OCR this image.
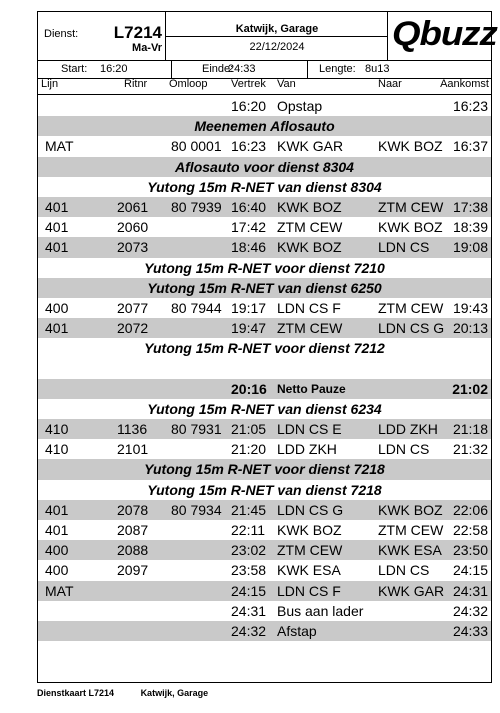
Dienst: L7214
Ma-Vr
Katwijk, Garage
22/12/2024	Qbuzz
Start: 16:20	Einde:
24:33	Lengte: 8u13
Lijn	Ritnr Omloop Vertrek Van	Naar	Aankomst
16:20 Opstap	16:23
Meenemen Aflosauto
MAT	80 0001 16:23 KWK GAR KWK BOZ 16:37
Aflosauto voor dienst 8304
Yutong 15m R-NET van dienst 8304
401	2061 80 7939 16:40 KWK BOZ	ZTM CEW 17:38
401	2060	17:42 ZTM CEW	KWK BOZ 18:39
401	2073	18:46 KWK BOZ	LDN CS 19:08
Yutong 15m R-NET voor dienst 7210
Yutong 15m R-NET van dienst 6250
400	2077 80 7944 19:17 LDN CS F	ZTM CEW 19:43
401	2072	19:47 ZTM CEW	LDN CS G 20:13
Yutong 15m R-NET voor dienst 7212
20:16 Netto Pauze	21:02
Yutong 15m R-NET van dienst 6234
410	1136 80 7931 21:05 LDN CS E	LDD ZKH 21:18
410	2101	21:20 LDD ZKH	LDN CS 21:32
Yutong 15m R-NET voor dienst 7218
Yutong 15m R-NET van dienst 7218
401	2078 80 7934 21:45 LDN CS G KWK BOZ 22:06
401	2087	22:11 KWK BOZ	ZTM CEW 22:58
400	2088	23:02 ZTM CEW	KWK ESA 23:50
400	2097	23:58 KWK ESA	LDN CS 24:15
MAT	24:15 LDN CS F	KWK GAR 24:31
24:31 Bus aan lader	24:32
24:32 Afstap	24:33
Dienstkaart L7214	Katwijk, Garage
